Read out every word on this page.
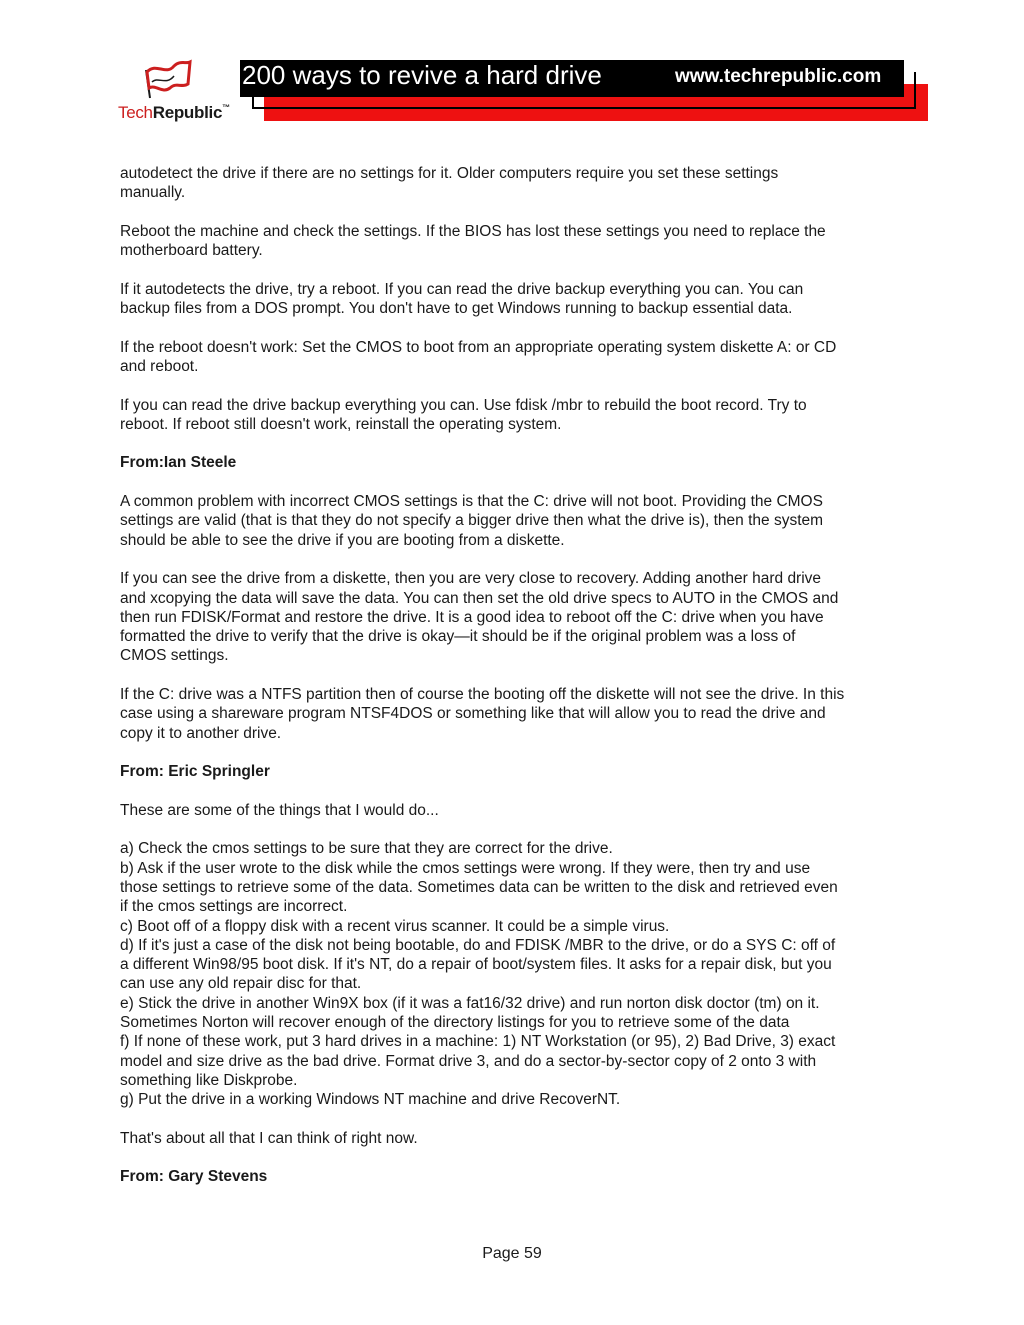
TechRepublic™
200 ways to revive a hard drive	www.techrepublic.com

autodetect the drive if there are no settings for it. Older computers require you set these settings
manually.

Reboot the machine and check the settings. If the BIOS has lost these settings you need to replace the
motherboard battery.

If it autodetects the drive, try a reboot. If you can read the drive backup everything you can. You can
backup files from a DOS prompt. You don't have to get Windows running to backup essential data.

If the reboot doesn't work: Set the CMOS to boot from an appropriate operating system diskette A: or CD
and reboot.

If you can read the drive backup everything you can. Use fdisk /mbr to rebuild the boot record. Try to
reboot. If reboot still doesn't work, reinstall the operating system.

From:Ian Steele

A common problem with incorrect CMOS settings is that the C: drive will not boot. Providing the CMOS
settings are valid (that is that they do not specify a bigger drive then what the drive is), then the system
should be able to see the drive if you are booting from a diskette.

If you can see the drive from a diskette, then you are very close to recovery. Adding another hard drive
and xcopying the data will save the data. You can then set the old drive specs to AUTO in the CMOS and
then run FDISK/Format and restore the drive. It is a good idea to reboot off the C: drive when you have
formatted the drive to verify that the drive is okay—it should be if the original problem was a loss of
CMOS settings.

If the C: drive was a NTFS partition then of course the booting off the diskette will not see the drive. In this
case using a shareware program NTSF4DOS or something like that will allow you to read the drive and
copy it to another drive.

From: Eric Springler

These are some of the things that I would do...

a) Check the cmos settings to be sure that they are correct for the drive.
b) Ask if the user wrote to the disk while the cmos settings were wrong. If they were, then try and use
those settings to retrieve some of the data. Sometimes data can be written to the disk and retrieved even
if the cmos settings are incorrect.
c) Boot off of a floppy disk with a recent virus scanner. It could be a simple virus.
d) If it's just a case of the disk not being bootable, do and FDISK /MBR to the drive, or do a SYS C: off of
a different Win98/95 boot disk. If it's NT, do a repair of boot/system files. It asks for a repair disk, but you
can use any old repair disc for that.
e) Stick the drive in another Win9X box (if it was a fat16/32 drive) and run norton disk doctor (tm) on it.
Sometimes Norton will recover enough of the directory listings for you to retrieve some of the data
f) If none of these work, put 3 hard drives in a machine: 1) NT Workstation (or 95), 2) Bad Drive, 3) exact
model and size drive as the bad drive. Format drive 3, and do a sector-by-sector copy of 2 onto 3 with
something like Diskprobe.
g) Put the drive in a working Windows NT machine and drive RecoverNT.

That's about all that I can think of right now.

From: Gary Stevens

Page 59
